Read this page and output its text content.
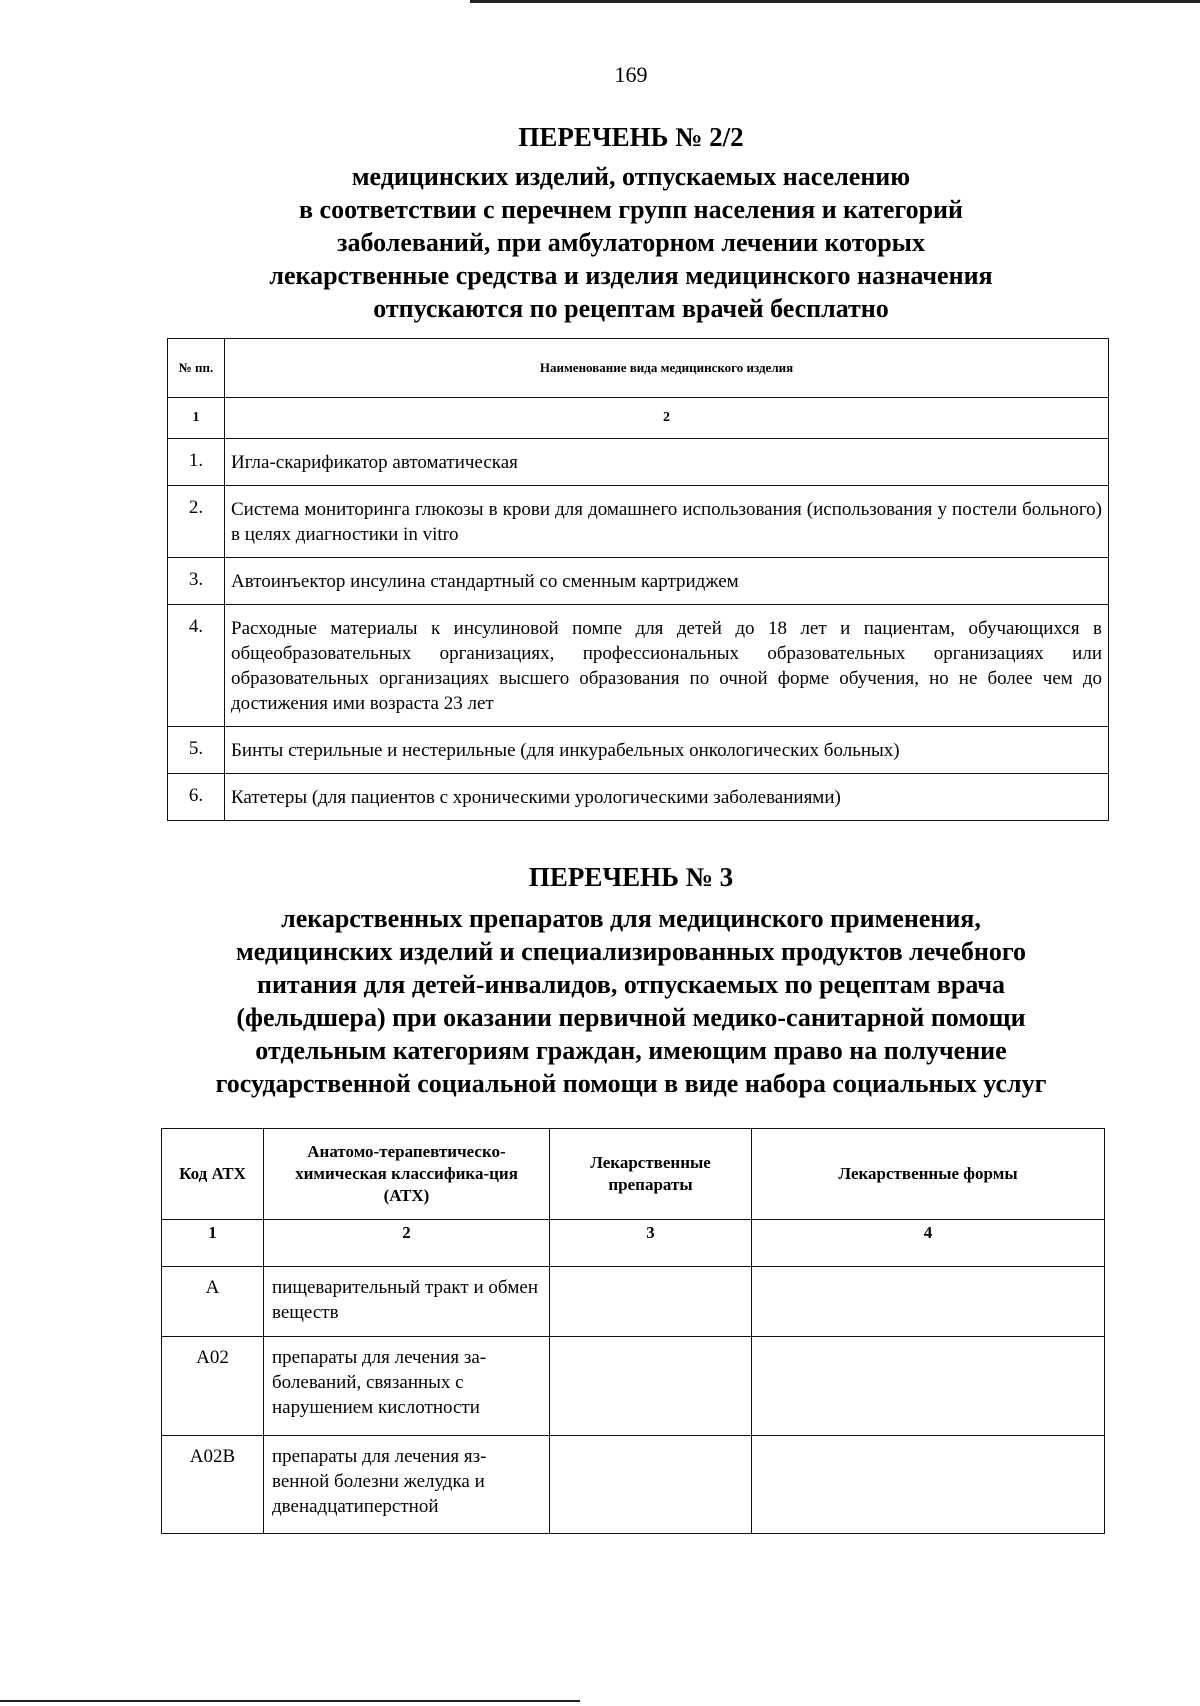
169
ПЕРЕЧЕНЬ № 2/2
медицинских изделий, отпускаемых населению
в соответствии с перечнем групп населения и категорий
заболеваний, при амбулаторном лечении которых
лекарственные средства и изделия медицинского назначения
отпускаются по рецептам врачей бесплатно
№ пп.	Наименование вида медицинского изделия
1	2
1.	Игла-скарификатор автоматическая
2.	Система мониторинга глюкозы в крови для домашнего использования (использования у постели больного) в целях диагностики in vitro
3.	Автоинъектор инсулина стандартный со сменным картриджем
4.	Расходные материалы к инсулиновой помпе для детей до 18 лет и пациентам, обучающихся в общеобразовательных организациях, профессиональных образовательных организациях или образовательных организациях высшего образования по очной форме обучения, но не более чем до достижения ими возраста 23 лет
5.	Бинты стерильные и нестерильные (для инкурабельных онкологических больных)
6.	Катетеры (для пациентов с хроническими урологическими заболеваниями)
ПЕРЕЧЕНЬ № 3
лекарственных препаратов для медицинского применения,
медицинских изделий и специализированных продуктов лечебного
питания для детей-инвалидов, отпускаемых по рецептам врача
(фельдшера) при оказании первичной медико-санитарной помощи
отдельным категориям граждан, имеющим право на получение
государственной социальной помощи в виде набора социальных услуг
Код АТХ	Анатомо-терапевтическо-химическая классифика-ция (АТХ)	Лекарственные препараты	Лекарственные формы
1	2	3	4
A	пищеварительный тракт и обмен веществ		
A02	препараты для лечения за-болеваний, связанных с нарушением кислотности		
A02B	препараты для лечения яз-венной болезни желудка и двенадцатиперстной		
